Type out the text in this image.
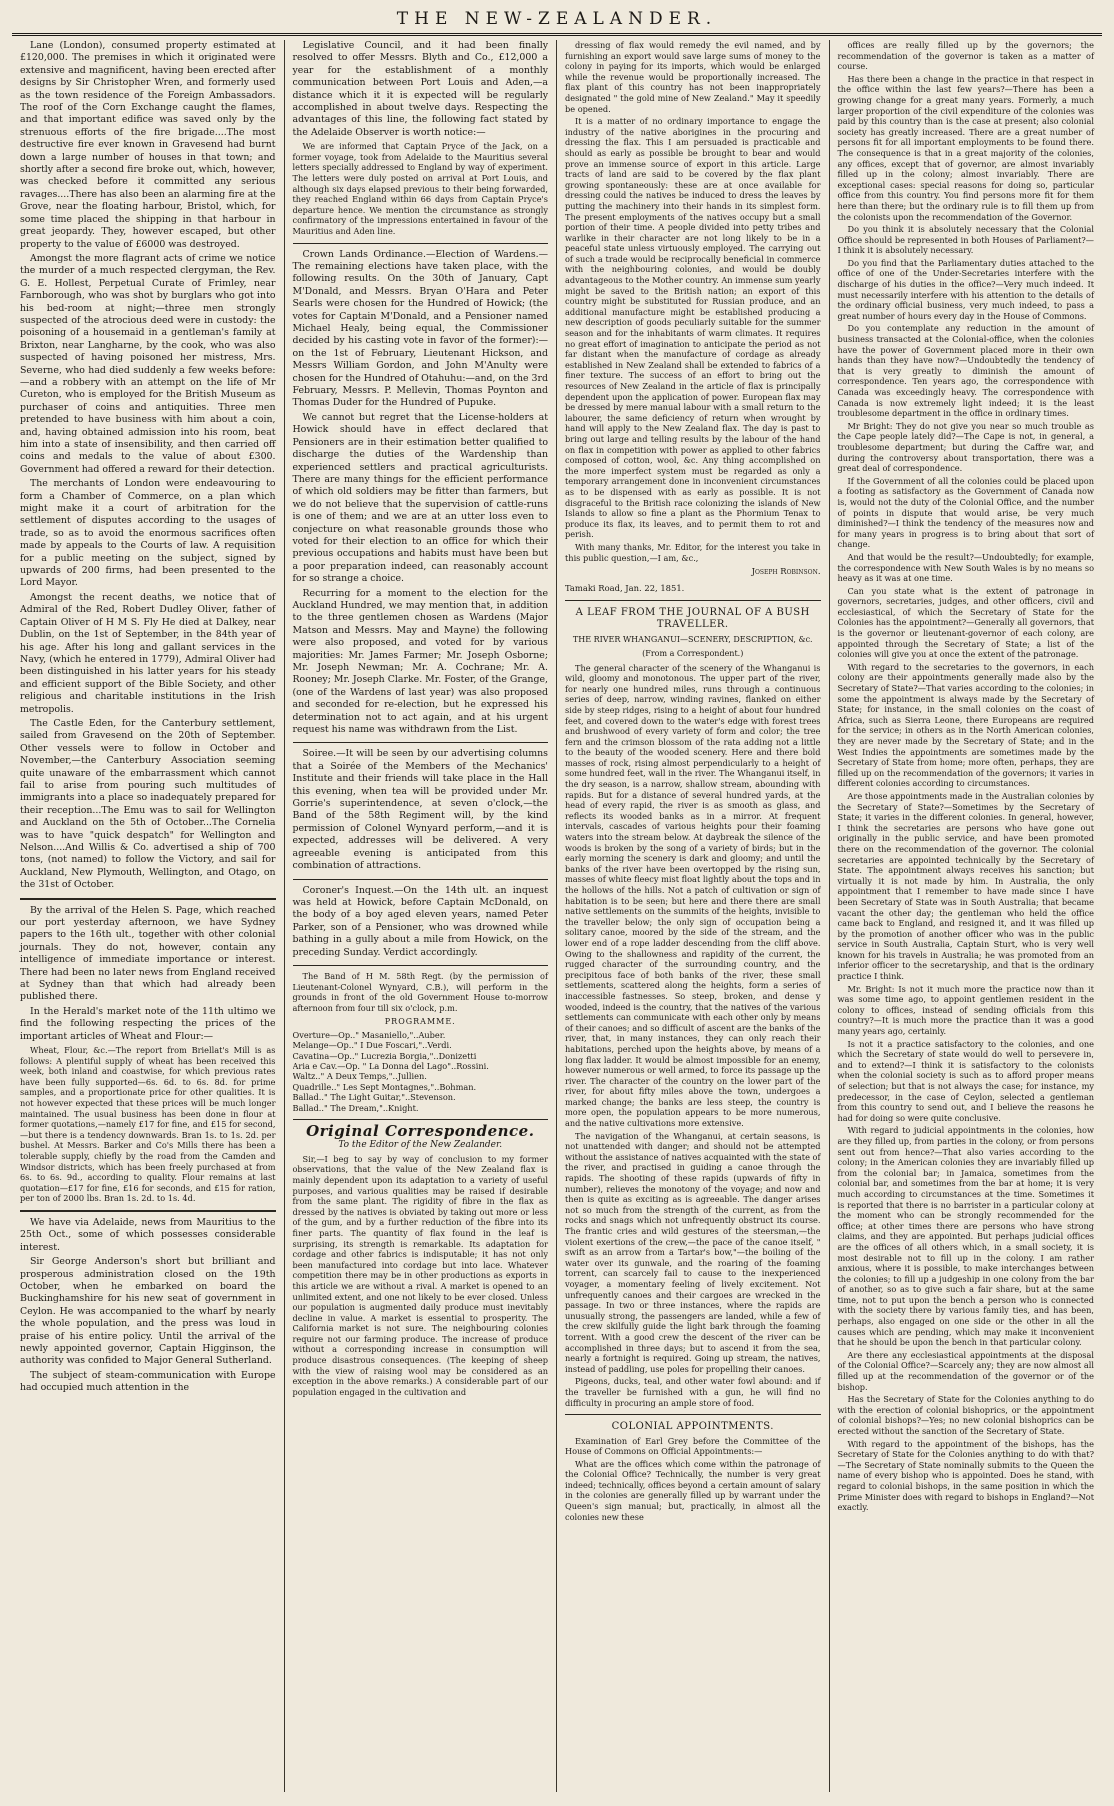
THE NEW-ZEALANDER.

Lane (London), consumed property estimated at £120,000. The premises in which it originated were extensive and magnificent, having been erected after designs by Sir Christopher Wren, and formerly used as the town residence of the Foreign Ambassadors. The roof of the Corn Exchange caught the flames, and that important edifice was saved only by the strenuous efforts of the fire brigade....The most destructive fire ever known in Gravesend had burnt down a large number of houses in that town; and shortly after a second fire broke out, which, however, was checked before it committed any serious ravages....There has also been an alarming fire at the Grove, near the floating harbour, Bristol, which, for some time placed the shipping in that harbour in great jeopardy. They, however escaped, but other property to the value of £6000 was destroyed.

Amongst the more flagrant acts of crime we notice the murder of a much respected clergyman, the Rev. G. E. Hollest, Perpetual Curate of Frimley, near Farnborough, who was shot by burglars who got into his bed-room at night;—three men strongly suspected of the atrocious deed were in custody: the poisoning of a housemaid in a gentleman's family at Brixton, near Langharne, by the cook, who was also suspected of having poisoned her mistress, Mrs. Severne, who had died suddenly a few weeks before:—and a robbery with an attempt on the life of Mr Cureton, who is employed for the British Museum as purchaser of coins and antiquities. Three men pretended to have business with him about a coin, and, having obtained admission into his room, beat him into a state of insensibility, and then carried off coins and medals to the value of about £300. Government had offered a reward for their detection.

The merchants of London were endeavouring to form a Chamber of Commerce, on a plan which might make it a court of arbitration for the settlement of disputes according to the usages of trade, so as to avoid the enormous sacrifices often made by appeals to the Courts of law. A requisition for a public meeting on the subject, signed by upwards of 200 firms, had been presented to the Lord Mayor.

Amongst the recent deaths, we notice that of Admiral of the Red, Robert Dudley Oliver, father of Captain Oliver of H M S. Fly He died at Dalkey, near Dublin, on the 1st of September, in the 84th year of his age. After his long and gallant services in the Navy, (which he entered in 1779), Admiral Oliver had been distinguished in his latter years for his steady and efficient support of the Bible Society, and other religious and charitable institutions in the Irish metropolis.

The Castle Eden, for the Canterbury settlement, sailed from Gravesend on the 20th of September. Other vessels were to follow in October and November,—the Canterbury Association seeming quite unaware of the embarrassment which cannot fail to arise from pouring such multitudes of immigrants into a place so inadequately prepared for their reception...The Emu was to sail for Wellington and Auckland on the 5th of October...The Cornelia was to have "quick despatch" for Wellington and Nelson....And Willis & Co. advertised a ship of 700 tons, (not named) to follow the Victory, and sail for Auckland, New Plymouth, Wellington, and Otago, on the 31st of October.

By the arrival of the Helen S. Page, which reached our port yesterday afternoon, we have Sydney papers to the 16th ult., together with other colonial journals. They do not, however, contain any intelligence of immediate importance or interest. There had been no later news from England received at Sydney than that which had already been published there.

In the Herald's market note of the 11th ultimo we find the following respecting the prices of the important articles of Wheat and Flour:—

Wheat, Flour, &c.—The report from Briellat's Mill is as follows: A plentiful supply of wheat has been received this week, both inland and coastwise, for which previous rates have been fully supported—6s. 6d. to 6s. 8d. for prime samples, and a proportionate price for other qualities. It is not however expected that these prices will be much longer maintained. The usual business has been done in flour at former quotations,—namely £17 for fine, and £15 for second,—but there is a tendency downwards. Bran 1s. to 1s. 2d. per bushel. At Messrs. Barker and Co's Mills there has been a tolerable supply, chiefly by the road from the Camden and Windsor districts, which has been freely purchased at from 6s. to 6s. 9d., according to quality. Flour remains at last quotation—£17 for fine, £16 for seconds, and £15 for ration, per ton of 2000 lbs. Bran 1s. 2d. to 1s. 4d.

We have via Adelaide, news from Mauritius to the 25th Oct., some of which possesses considerable interest.

Sir George Anderson's short but brilliant and prosperous administration closed on the 19th October, when he embarked on board the Buckinghamshire for his new seat of government in Ceylon. He was accompanied to the wharf by nearly the whole population, and the press was loud in praise of his entire policy. Until the arrival of the newly appointed governor, Captain Higginson, the authority was confided to Major General Sutherland.

The subject of steam-communication with Europe had occupied much attention in the

Legislative Council, and it had been finally resolved to offer Messrs. Blyth and Co., £12,000 a year for the establishment of a monthly communication between Port Louis and Aden,—a distance which it it is expected will be regularly accomplished in about twelve days. Respecting the advantages of this line, the following fact stated by the Adelaide Observer is worth notice:—

We are informed that Captain Pryce of the Jack, on a former voyage, took from Adelaide to the Mauritius several letters specially addressed to England by way of experiment. The letters were duly posted on arrival at Port Louis, and although six days elapsed previous to their being forwarded, they reached England within 66 days from Captain Pryce's departure hence. We mention the circumstance as strongly confirmatory of the impressions entertained in favour of the Mauritius and Aden line.

Crown Lands Ordinance.—Election of Wardens.—The remaining elections have taken place, with the following results. On the 30th of January, Capt M'Donald, and Messrs. Bryan O'Hara and Peter Searls were chosen for the Hundred of Howick; (the votes for Captain M'Donald, and a Pensioner named Michael Healy, being equal, the Commissioner decided by his casting vote in favor of the former):—on the 1st of February, Lieutenant Hickson, and Messrs William Gordon, and John M'Anulty were chosen for the Hundred of Otahuhu:—and, on the 3rd February, Messrs. P. Mellevin, Thomas Poynton and Thomas Duder for the Hundred of Pupuke.

We cannot but regret that the License-holders at Howick should have in effect declared that Pensioners are in their estimation better qualified to discharge the duties of the Wardenship than experienced settlers and practical agriculturists. There are many things for the efficient performance of which old soldiers may be fitter than farmers, but we do not believe that the supervision of cattle-runs is one of them; and we are at an utter loss even to conjecture on what reasonable grounds those who voted for their election to an office for which their previous occupations and habits must have been but a poor preparation indeed, can reasonably account for so strange a choice.

Recurring for a moment to the election for the Auckland Hundred, we may mention that, in addition to the three gentlemen chosen as Wardens (Major Matson and Messrs. May and Mayne) the following were also proposed, and voted for by various majorities: Mr. James Farmer; Mr. Joseph Osborne; Mr. Joseph Newman; Mr. A. Cochrane; Mr. A. Rooney; Mr. Joseph Clarke. Mr. Foster, of the Grange, (one of the Wardens of last year) was also proposed and seconded for re-election, but he expressed his determination not to act again, and at his urgent request his name was withdrawn from the List.

Soiree.—It will be seen by our advertising columns that a Soirée of the Members of the Mechanics' Institute and their friends will take place in the Hall this evening, when tea will be provided under Mr. Gorrie's superintendence, at seven o'clock,—the Band of the 58th Regiment will, by the kind permission of Colonel Wynyard perform,—and it is expected, addresses will be delivered. A very agreeable evening is anticipated from this combination of attractions.

Coroner's Inquest.—On the 14th ult. an inquest was held at Howick, before Captain McDonald, on the body of a boy aged eleven years, named Peter Parker, son of a Pensioner, who was drowned while bathing in a gully about a mile from Howick, on the preceding Sunday. Verdict accordingly.

The Band of H M. 58th Regt. (by the permission of Lieutenant-Colonel Wynyard, C.B.), will perform in the grounds in front of the old Government House to-morrow afternoon from four till six o'clock, p.m.

PROGRAMME.
Overture—Op.." Masaniello,"..Auber.
Melange—Op.." I Due Foscari,"..Verdi.
Cavatina—Op.." Lucrezia Borgia,"..Donizetti
Aria e Cav.—Op. " La Donna del Lago"..Rossini.
Waltz.." A Deux Temps,"..Jullien.
Quadrille.." Les Sept Montagnes,"..Bohman.
Ballad.." The Light Guitar,"..Stevenson.
Ballad.." The Dream,"..Knight.
Original Correspondence.
To the Editor of the New Zealander.

Sir,—I beg to say by way of conclusion to my former observations, that the value of the New Zealand flax is mainly dependent upon its adaptation to a variety of useful purposes, and various qualities may be raised if desirable from the same plant. The rigidity of fibre in the flax as dressed by the natives is obviated by taking out more or less of the gum, and by a further reduction of the fibre into its finer parts. The quantity of flax found in the leaf is surprising, its strength is remarkable. Its adaptation for cordage and other fabrics is indisputable; it has not only been manufactured into cordage but into lace. Whatever competition there may be in other productions as exports in this article we are without a rival. A market is opened to an unlimited extent, and one not likely to be ever closed. Unless our population is augmented daily produce must inevitably decline in value. A market is essential to prosperity. The California market is not sure. The neighbouring colonies require not our farming produce. The increase of produce without a corresponding increase in consumption will produce disastrous consequences. (The keeping of sheep with the view of raising wool may be considered as an exception in the above remarks.) A considerable part of our population engaged in the cultivation and

dressing of flax would remedy the evil named, and by furnishing an export would save large sums of money to the colony in paying for its imports, which would be enlarged while the revenue would be proportionally increased. The flax plant of this country has not been inappropriately designated " the gold mine of New Zealand." May it speedily be opened.

It is a matter of no ordinary importance to engage the industry of the native aborigines in the procuring and dressing the flax. This I am persuaded is practicable and should as early as possible be brought to bear and would prove an immense source of export in this article. Large tracts of land are said to be covered by the flax plant growing spontaneously: these are at once available for dressing could the natives be induced to dress the leaves by putting the machinery into their hands in its simplest form. The present employments of the natives occupy but a small portion of their time. A people divided into petty tribes and warlike in their character are not long likely to be in a peaceful state unless virtuously employed. The carrying out of such a trade would be reciprocally beneficial in commerce with the neighbouring colonies, and would be doubly advantageous to the Mother country. An immense sum yearly might be saved to the British nation; an export of this country might be substituted for Russian produce, and an additional manufacture might be established producing a new description of goods peculiarly suitable for the summer season and for the inhabitants of warm climates. It requires no great effort of imagination to anticipate the period as not far distant when the manufacture of cordage as already established in New Zealand shall be extended to fabrics of a finer texture. The success of an effort to bring out the resources of New Zealand in the article of flax is principally dependent upon the application of power. European flax may be dressed by mere manual labour with a small return to the labourer, the same deficiency of return when wrought by hand will apply to the New Zealand flax. The day is past to bring out large and telling results by the labour of the hand on flax in competition with power as applied to other fabrics composed of cotton, wool, &c. Any thing accomplished on the more imperfect system must be regarded as only a temporary arrangement done in inconvenient circumstances as to be dispensed with as early as possible. It is not disgraceful to the British race colonizing the islands of New Islands to allow so fine a plant as the Phormium Tenax to produce its flax, its leaves, and to permit them to rot and perish.

With many thanks, Mr. Editor, for the interest you take in this public question,—I am, &c.,

Joseph Robinson.
Tamaki Road, Jan. 22, 1851.
A LEAF FROM THE JOURNAL OF A BUSH TRAVELLER.
THE RIVER WHANGANUI—SCENERY, DESCRIPTION, &c.
(From a Correspondent.)

The general character of the scenery of the Whanganui is wild, gloomy and monotonous. The upper part of the river, for nearly one hundred miles, runs through a continuous series of deep, narrow, winding ravines, flanked on either side by steep ridges, rising to a height of about four hundred feet, and covered down to the water's edge with forest trees and brushwood of every variety of form and color; the tree fern and the crimson blossom of the rata adding not a little to the beauty of the wooded scenery. Here and there bold masses of rock, rising almost perpendicularly to a height of some hundred feet, wall in the river. The Whanganui itself, in the dry season, is a narrow, shallow stream, abounding with rapids. But for a distance of several hundred yards, at the head of every rapid, the river is as smooth as glass, and reflects its wooded banks as in a mirror. At frequent intervals, cascades of various heights pour their foaming waters into the stream below. At daybreak the silence of the woods is broken by the song of a variety of birds; but in the early morning the scenery is dark and gloomy; and until the banks of the river have been overtopped by the rising sun, masses of white fleecy mist float lightly about the tops and in the hollows of the hills. Not a patch of cultivation or sign of habitation is to be seen; but here and there there are small native settlements on the summits of the heights, invisible to the traveller below; the only sign of occupation being a solitary canoe, moored by the side of the stream, and the lower end of a rope ladder descending from the cliff above. Owing to the shallowness and rapidity of the current, the rugged character of the surrounding country, and the precipitous face of both banks of the river, these small settlements, scattered along the heights, form a series of inaccessible fastnesses. So steep, broken, and dense y wooded, indeed is the country, that the natives of the various settlements can communicate with each other only by means of their canoes; and so difficult of ascent are the banks of the river, that, in many instances, they can only reach their habitations, perched upon the heights above, by means of a long flax ladder. It would be almost impossible for an enemy, however numerous or well armed, to force its passage up the river. The character of the country on the lower part of the river, for about fifty miles above the town, undergoes a marked change; the banks are less steep, the country is more open, the population appears to be more numerous, and the native cultivations more extensive.

The navigation of the Whanganui, at certain seasons, is not unattended with danger; and should not be attempted without the assistance of natives acquainted with the state of the river, and practised in guiding a canoe through the rapids. The shooting of these rapids (upwards of fifty in number), relieves the monotony of the voyage; and now and then is quite as exciting as is agreeable. The danger arises not so much from the strength of the current, as from the rocks and snags which not unfrequently obstruct its course. The frantic cries and wild gestures of the steersman,—the violent exertions of the crew,—the pace of the canoe itself, " swift as an arrow from a Tartar's bow,"—the boiling of the water over its gunwale, and the roaring of the foaming torrent, can scarcely fail to cause to the inexperienced voyager, a momentary feeling of lively excitement. Not unfrequently canoes and their cargoes are wrecked in the passage. In two or three instances, where the rapids are unusually strong, the passengers are landed, while a few of the crew skilfully guide the light bark through the foaming torrent. With a good crew the descent of the river can be accomplished in three days; but to ascend it from the sea, nearly a fortnight is required. Going up stream, the natives, instead of paddling, use poles for propelling their canoes.

Pigeons, ducks, teal, and other water fowl abound: and if the traveller be furnished with a gun, he will find no difficulty in procuring an ample store of food.

COLONIAL APPOINTMENTS.

Examination of Earl Grey before the Committee of the House of Commons on Official Appointments:—

What are the offices which come within the patronage of the Colonial Office? Technically, the number is very great indeed; technically, offices beyond a certain amount of salary in the colonies are generally filled up by warrant under the Queen's sign manual; but, practically, in almost all the colonies new these

offices are really filled up by the governors; the recommendation of the governor is taken as a matter of course.

Has there been a change in the practice in that respect in the office within the last few years?—There has been a growing change for a great many years. Formerly, a much larger proportion of the civil expenditure of the colonies was paid by this country than is the case at present; also colonial society has greatly increased. There are a great number of persons fit for all important employments to be found there. The consequence is that in a great majority of the colonies, any offices, except that of governor, are almost invariably filled up in the colony; almost invariably. There are exceptional cases: special reasons for doing so, particular office from this country. You find persons more fit for them here than there; but the ordinary rule is to fill them up from the colonists upon the recommendation of the Governor.

Do you think it is absolutely necessary that the Colonial Office should be represented in both Houses of Parliament?—I think it is absolutely necessary.

Do you find that the Parliamentary duties attached to the office of one of the Under-Secretaries interfere with the discharge of his duties in the office?—Very much indeed. It must necessarily interfere with his attention to the details of the ordinary official business, very much indeed, to pass a great number of hours every day in the House of Commons.

Do you contemplate any reduction in the amount of business transacted at the Colonial-office, when the colonies have the power of Government placed more in their own hands than they have now?—Undoubtedly the tendency of that is very greatly to diminish the amount of correspondence. Ten years ago, the correspondence with Canada was exceedingly heavy. The correspondence with Canada is now extremely light indeed; it is the least troublesome department in the office in ordinary times.

Mr Bright: They do not give you near so much trouble as the Cape people lately did?—The Cape is not, in general, a troublesome department; but during the Caffre war, and during the controversy about transportation, there was a great deal of correspondence.

If the Government of all the colonies could be placed upon a footing as satisfactory as the Government of Canada now is, would not the duty of the Colonial Office, and the number of points in dispute that would arise, be very much diminished?—I think the tendency of the measures now and for many years in progress is to bring about that sort of change.

And that would be the result?—Undoubtedly; for example, the correspondence with New South Wales is by no means so heavy as it was at one time.

Can you state what is the extent of patronage in governors, secretaries, judges, and other officers, civil and ecclesiastical, of which the Secretary of State for the Colonies has the appointment?—Generally all governors, that is the governor or lieutenant-governor of each colony, are appointed through the Secretary of State; a list of the colonies will give you at once the extent of the patronage.

With regard to the secretaries to the governors, in each colony are their appointments generally made also by the Secretary of State?—That varies according to the colonies; in some the appointment is always made by the Secretary of State; for instance, in the small colonies on the coast of Africa, such as Sierra Leone, there Europeans are required for the service; in others as in the North American colonies, they are never made by the Secretary of State; and in the West Indies the appointments are sometimes made by the Secretary of State from home; more often, perhaps, they are filled up on the recommendation of the governors; it varies in different colonies according to circumstances.

Are those appointments made in the Australian colonies by the Secretary of State?—Sometimes by the Secretary of State; it varies in the different colonies. In general, however, I think the secretaries are persons who have gone out originally in the public service, and have been promoted there on the recommendation of the governor. The colonial secretaries are appointed technically by the Secretary of State. The appointment always receives his sanction; but virtually it is not made by him. In Australia, the only appointment that I remember to have made since I have been Secretary of State was in South Australia; that became vacant the other day; the gentleman who held the office came back to England, and resigned it, and it was filled up by the promotion of another officer who was in the public service in South Australia, Captain Sturt, who is very well known for his travels in Australia; he was promoted from an inferior officer to the secretaryship, and that is the ordinary practice I think.

Mr. Bright: Is not it much more the practice now than it was some time ago, to appoint gentlemen resident in the colony to offices, instead of sending officials from this country?—It is much more the practice than it was a good many years ago, certainly.

Is not it a practice satisfactory to the colonies, and one which the Secretary of state would do well to persevere in, and to extend?—I think it is satisfactory to the colonists when the colonial society is such as to afford proper means of selection; but that is not always the case; for instance, my predecessor, in the case of Ceylon, selected a gentleman from this country to send out, and I believe the reasons he had for doing so were quite conclusive.

With regard to judicial appointments in the colonies, how are they filled up, from parties in the colony, or from persons sent out from hence?—That also varies according to the colony; in the American colonies they are invariably filled up from the colonial bar; in Jamaica, sometimes from the colonial bar, and sometimes from the bar at home; it is very much according to circumstances at the time. Sometimes it is reported that there is no barrister in a particular colony at the moment who can be strongly recommended for the office; at other times there are persons who have strong claims, and they are appointed. But perhaps judicial offices are the offices of all others which, in a small society, it is most desirable not to fill up in the colony. I am rather anxious, where it is possible, to make interchanges between the colonies; to fill up a judgeship in one colony from the bar of another, so as to give such a fair share, but at the same time, not to put upon the bench a person who is connected with the society there by various family ties, and has been, perhaps, also engaged on one side or the other in all the causes which are pending, which may make it inconvenient that he should be upon the bench in that particular colony.

Are there any ecclesiastical appointments at the disposal of the Colonial Office?—Scarcely any; they are now almost all filled up at the recommendation of the governor or of the bishop.

Has the Secretary of State for the Colonies anything to do with the erection of colonial bishoprics, or the appointment of colonial bishops?—Yes; no new colonial bishoprics can be erected without the sanction of the Secretary of State.

With regard to the appointment of the bishops, has the Secretary of State for the Colonies anything to do with that?—The Secretary of State nominally submits to the Queen the name of every bishop who is appointed. Does he stand, with regard to colonial bishops, in the same position in which the Prime Minister does with regard to bishops in England?—Not exactly.
